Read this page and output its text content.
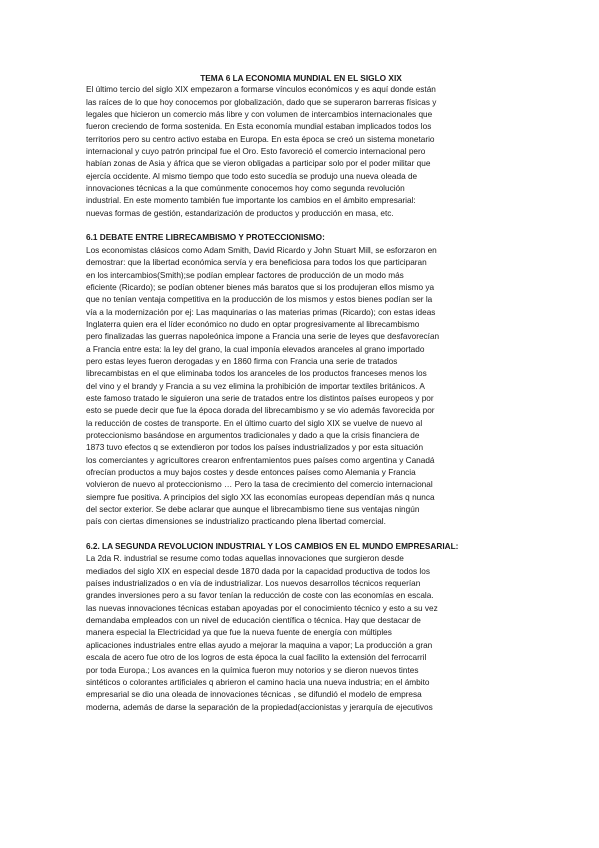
TEMA 6 LA ECONOMIA MUNDIAL EN EL SIGLO XIX

El último tercio del siglo XIX empezaron a formarse vínculos económicos y es aquí donde están

las raíces de lo que hoy conocemos por globalización, dado que se superaron barreras físicas y

legales que hicieron un comercio más libre y con volumen de intercambios internacionales que

fueron creciendo de forma sostenida. En Esta economía mundial estaban implicados todos los

territorios pero su centro activo estaba en Europa. En esta época se creó un sistema monetario

internacional y cuyo patrón principal fue el Oro. Esto favoreció el comercio internacional pero

habían zonas de Asia y áfrica que se vieron obligadas a participar solo por el poder militar que

ejercía occidente. Al mismo tiempo que todo esto sucedía se produjo una nueva oleada de

innovaciones técnicas a la que comúnmente conocemos hoy como segunda revolución

industrial. En este momento también fue importante los cambios en el ámbito empresarial:

nuevas formas de gestión, estandarización de productos y producción en masa, etc.

6.1 DEBATE ENTRE LIBRECAMBISMO Y PROTECCIONISMO:

Los economistas clásicos como Adam Smith, David Ricardo y John Stuart Mill, se esforzaron en

demostrar: que la libertad económica servía y era beneficiosa para todos los que participaran

en los intercambios(Smith);se podían emplear factores de producción de un modo más

eficiente (Ricardo); se podían obtener bienes más baratos que si los produjeran ellos mismo ya

que no tenían ventaja competitiva en la producción de los mismos y estos bienes podían ser la

vía a la modernización por ej: Las maquinarias o las materias primas (Ricardo); con estas ideas

Inglaterra quien era el líder económico no dudo en optar progresivamente al librecambismo

pero finalizadas las guerras napoleónica impone a Francia una serie de leyes que desfavorecían

a Francia entre esta: la ley del grano, la cual imponía elevados aranceles al grano importado

pero estas leyes fueron derogadas y en 1860 firma con Francia una serie de tratados

librecambistas en el que eliminaba todos los aranceles de los productos franceses menos los

del vino y el brandy y Francia a su vez elimina la prohibición de importar textiles británicos. A

este famoso tratado le siguieron una serie de tratados entre los distintos países europeos y por

esto se puede decir que fue la época dorada del librecambismo y se vio además favorecida por

la reducción de costes de transporte. En el último cuarto del siglo XIX se vuelve de nuevo al

proteccionismo basándose en argumentos tradicionales y dado a que la crisis financiera de

1873 tuvo efectos q se extendieron por todos los países industrializados y por esta situación

los comerciantes y agricultores crearon enfrentamientos pues países como argentina y Canadá

ofrecían productos a muy bajos costes y desde entonces países como Alemania y Francia

volvieron de nuevo al proteccionismo … Pero la tasa de crecimiento del comercio internacional

siempre fue positiva. A principios del siglo XX las economías europeas dependían más q nunca

del sector exterior. Se debe aclarar que aunque el librecambismo tiene sus ventajas ningún

país con ciertas dimensiones se industrializo practicando plena libertad comercial.

6.2. LA SEGUNDA REVOLUCION INDUSTRIAL Y LOS CAMBIOS EN EL MUNDO EMPRESARIAL:

La 2da R. industrial se resume como todas aquellas innovaciones que surgieron desde

mediados del siglo XIX en especial desde 1870 dada por la capacidad productiva de todos los

países industrializados o en vía de industrializar. Los nuevos desarrollos técnicos requerían

grandes inversiones pero a su favor tenían la reducción de coste con las economías en escala.

las nuevas innovaciones técnicas estaban apoyadas por el conocimiento técnico y esto a su vez

demandaba empleados con un nivel de educación científica o técnica. Hay que destacar de

manera especial la Electricidad ya que fue la nueva fuente de energía con múltiples

aplicaciones industriales entre ellas ayudo a mejorar la maquina a vapor; La producción a gran

escala de acero fue otro de los logros de esta época la cual facilito la extensión del ferrocarril

por toda Europa.; Los avances en la química fueron muy notorios y se dieron nuevos tintes

sintéticos o colorantes artificiales q abrieron el camino hacia una nueva industria; en el ámbito

empresarial se dio una oleada de innovaciones técnicas , se difundió el modelo de empresa

moderna, además de darse la separación de la propiedad(accionistas y jerarquía de ejecutivos
